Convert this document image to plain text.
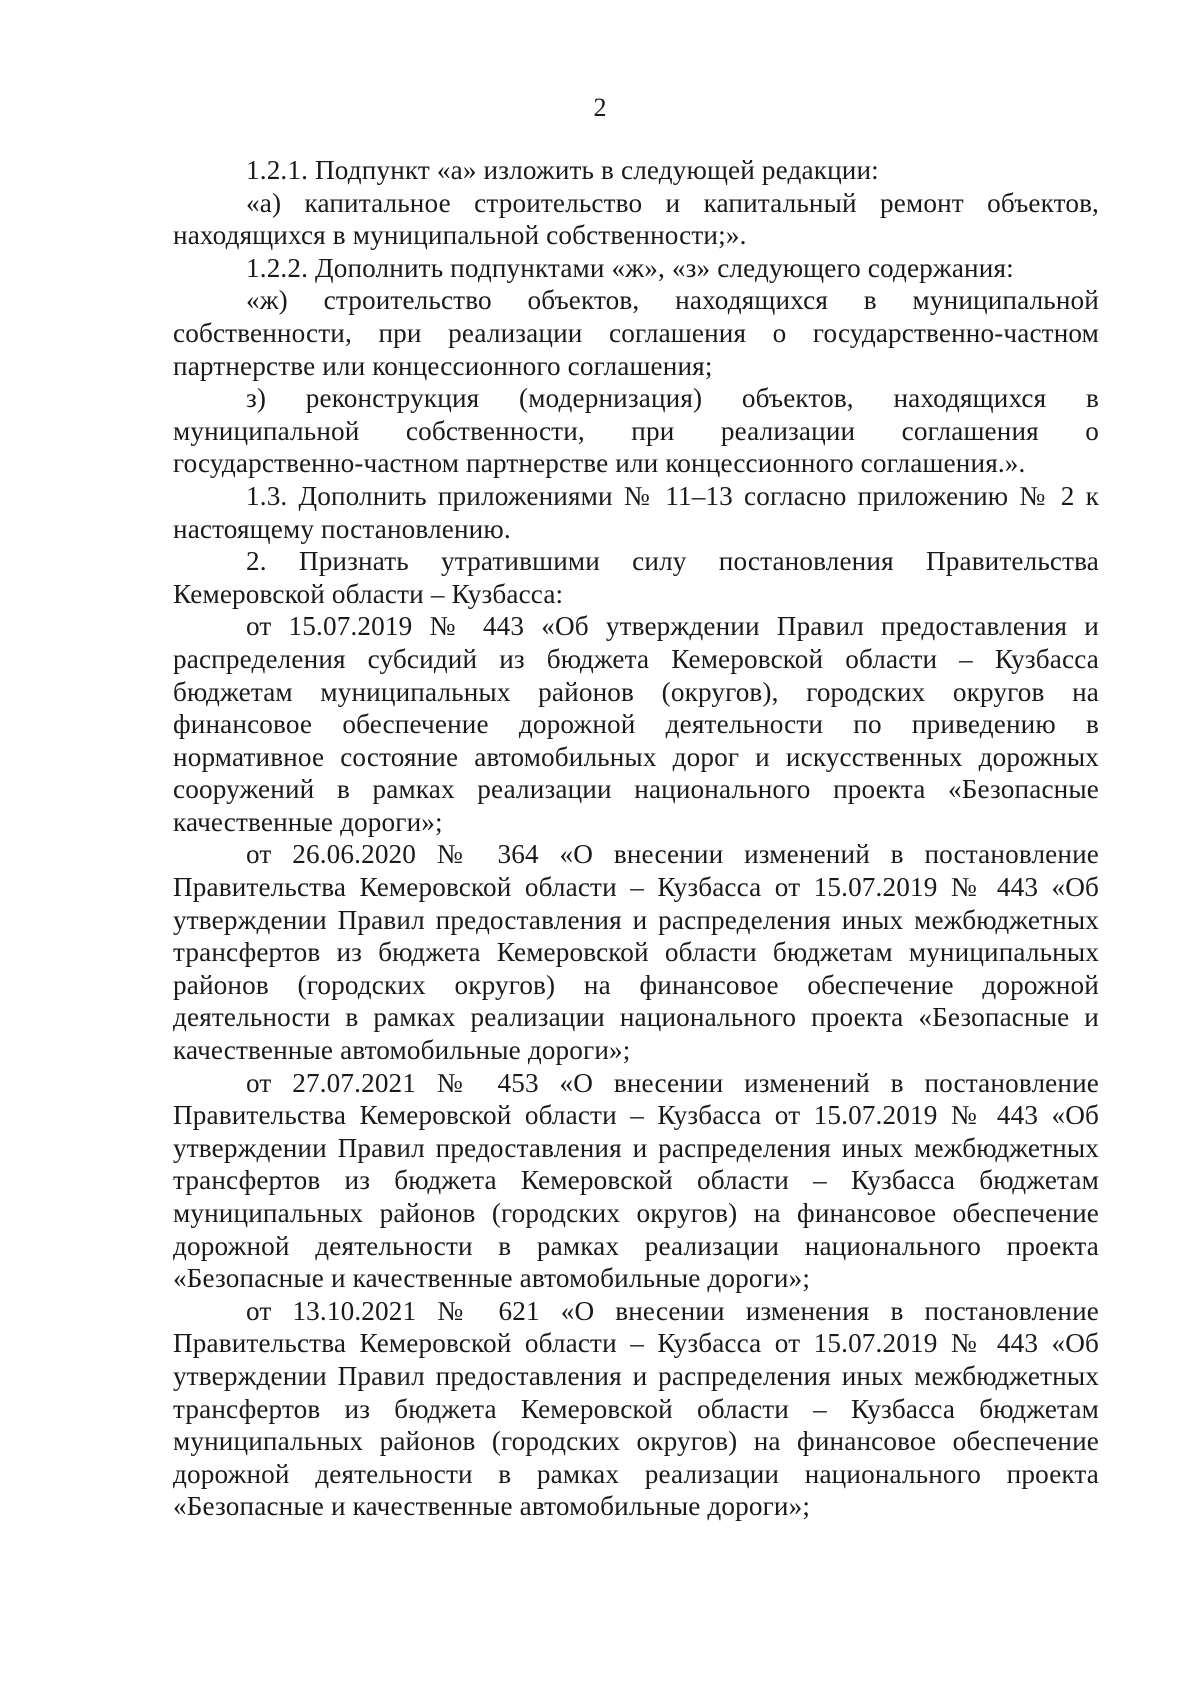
2

1.2.1. Подпункт «а» изложить в следующей редакции:

«а) капитальное строительство и капитальный ремонт объектов, находящихся в муниципальной собственности;».

1.2.2. Дополнить подпунктами «ж», «з» следующего содержания:

«ж) строительство объектов, находящихся в муниципальной собственности, при реализации соглашения о государственно-частном партнерстве или концессионного соглашения;

з) реконструкция (модернизация) объектов, находящихся в муниципальной собственности, при реализации соглашения о государственно-частном партнерстве или концессионного соглашения.».

1.3. Дополнить приложениями № 11–13 согласно приложению № 2 к настоящему постановлению.

2. Признать утратившими силу постановления Правительства Кемеровской области – Кузбасса:

от 15.07.2019 № 443 «Об утверждении Правил предоставления и распределения субсидий из бюджета Кемеровской области – Кузбасса бюджетам муниципальных районов (округов), городских округов на финансовое обеспечение дорожной деятельности по приведению в нормативное состояние автомобильных дорог и искусственных дорожных сооружений в рамках реализации национального проекта «Безопасные качественные дороги»;

от 26.06.2020 № 364 «О внесении изменений в постановление Правительства Кемеровской области – Кузбасса от 15.07.2019 № 443 «Об утверждении Правил предоставления и распределения иных межбюджетных трансфертов из бюджета Кемеровской области бюджетам муниципальных районов (городских округов) на финансовое обеспечение дорожной деятельности в рамках реализации национального проекта «Безопасные и качественные автомобильные дороги»;

от 27.07.2021 № 453 «О внесении изменений в постановление Правительства Кемеровской области – Кузбасса от 15.07.2019 № 443 «Об утверждении Правил предоставления и распределения иных межбюджетных трансфертов из бюджета Кемеровской области – Кузбасса бюджетам муниципальных районов (городских округов) на финансовое обеспечение дорожной деятельности в рамках реализации национального проекта «Безопасные и качественные автомобильные дороги»;

от 13.10.2021 № 621 «О внесении изменения в постановление Правительства Кемеровской области – Кузбасса от 15.07.2019 № 443 «Об утверждении Правил предоставления и распределения иных межбюджетных трансфертов из бюджета Кемеровской области – Кузбасса бюджетам муниципальных районов (городских округов) на финансовое обеспечение дорожной деятельности в рамках реализации национального проекта «Безопасные и качественные автомобильные дороги»;
